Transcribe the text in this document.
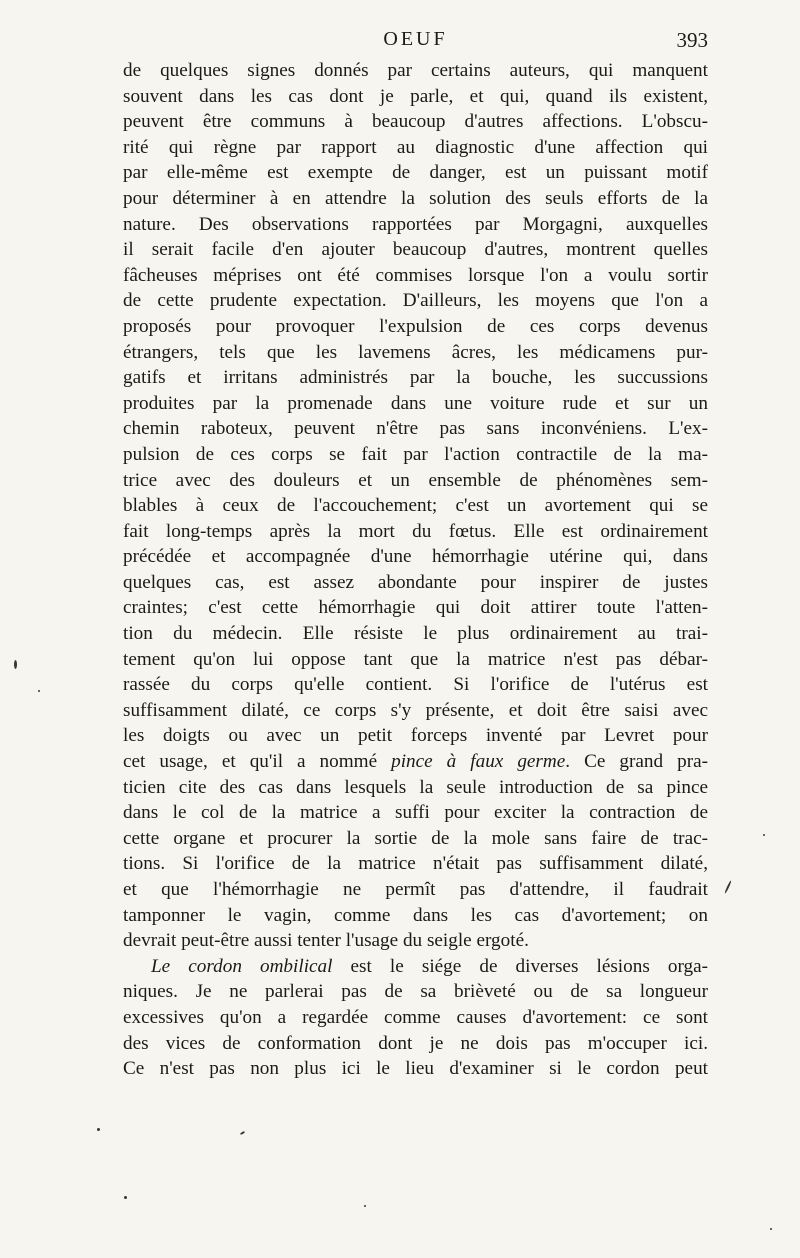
OEUF	393
de quelques signes donnés par certains auteurs, qui manquent
souvent dans les cas dont je parle, et qui, quand ils existent,
peuvent être communs à beaucoup d'autres affections. L'obscu-
rité qui règne par rapport au diagnostic d'une affection qui
par elle-même est exempte de danger, est un puissant motif
pour déterminer à en attendre la solution des seuls efforts de la
nature. Des observations rapportées par Morgagni, auxquelles
il serait facile d'en ajouter beaucoup d'autres, montrent quelles
fâcheuses méprises ont été commises lorsque l'on a voulu sortir
de cette prudente expectation. D'ailleurs, les moyens que l'on a
proposés pour provoquer l'expulsion de ces corps devenus
étrangers, tels que les lavemens âcres, les médicamens pur-
gatifs et irritans administrés par la bouche, les succussions
produites par la promenade dans une voiture rude et sur un
chemin raboteux, peuvent n'être pas sans inconvéniens. L'ex-
pulsion de ces corps se fait par l'action contractile de la ma-
trice avec des douleurs et un ensemble de phénomènes sem-
blables à ceux de l'accouchement; c'est un avortement qui se
fait long-temps après la mort du fœtus. Elle est ordinairement
précédée et accompagnée d'une hémorrhagie utérine qui, dans
quelques cas, est assez abondante pour inspirer de justes
craintes; c'est cette hémorrhagie qui doit attirer toute l'atten-
tion du médecin. Elle résiste le plus ordinairement au trai-
tement qu'on lui oppose tant que la matrice n'est pas débar-
rassée du corps qu'elle contient. Si l'orifice de l'utérus est
suffisamment dilaté, ce corps s'y présente, et doit être saisi avec
les doigts ou avec un petit forceps inventé par Levret pour
cet usage, et qu'il a nommé pince à faux germe. Ce grand pra-
ticien cite des cas dans lesquels la seule introduction de sa pince
dans le col de la matrice a suffi pour exciter la contraction de
cette organe et procurer la sortie de la mole sans faire de trac-
tions. Si l'orifice de la matrice n'était pas suffisamment dilaté,
et que l'hémorrhagie ne permît pas d'attendre, il faudrait
tamponner le vagin, comme dans les cas d'avortement; on
devrait peut-être aussi tenter l'usage du seigle ergoté.
Le cordon ombilical est le siége de diverses lésions orga-
niques. Je ne parlerai pas de sa brièveté ou de sa longueur
excessives qu'on a regardée comme causes d'avortement: ce sont
des vices de conformation dont je ne dois pas m'occuper ici.
Ce n'est pas non plus ici le lieu d'examiner si le cordon peut
